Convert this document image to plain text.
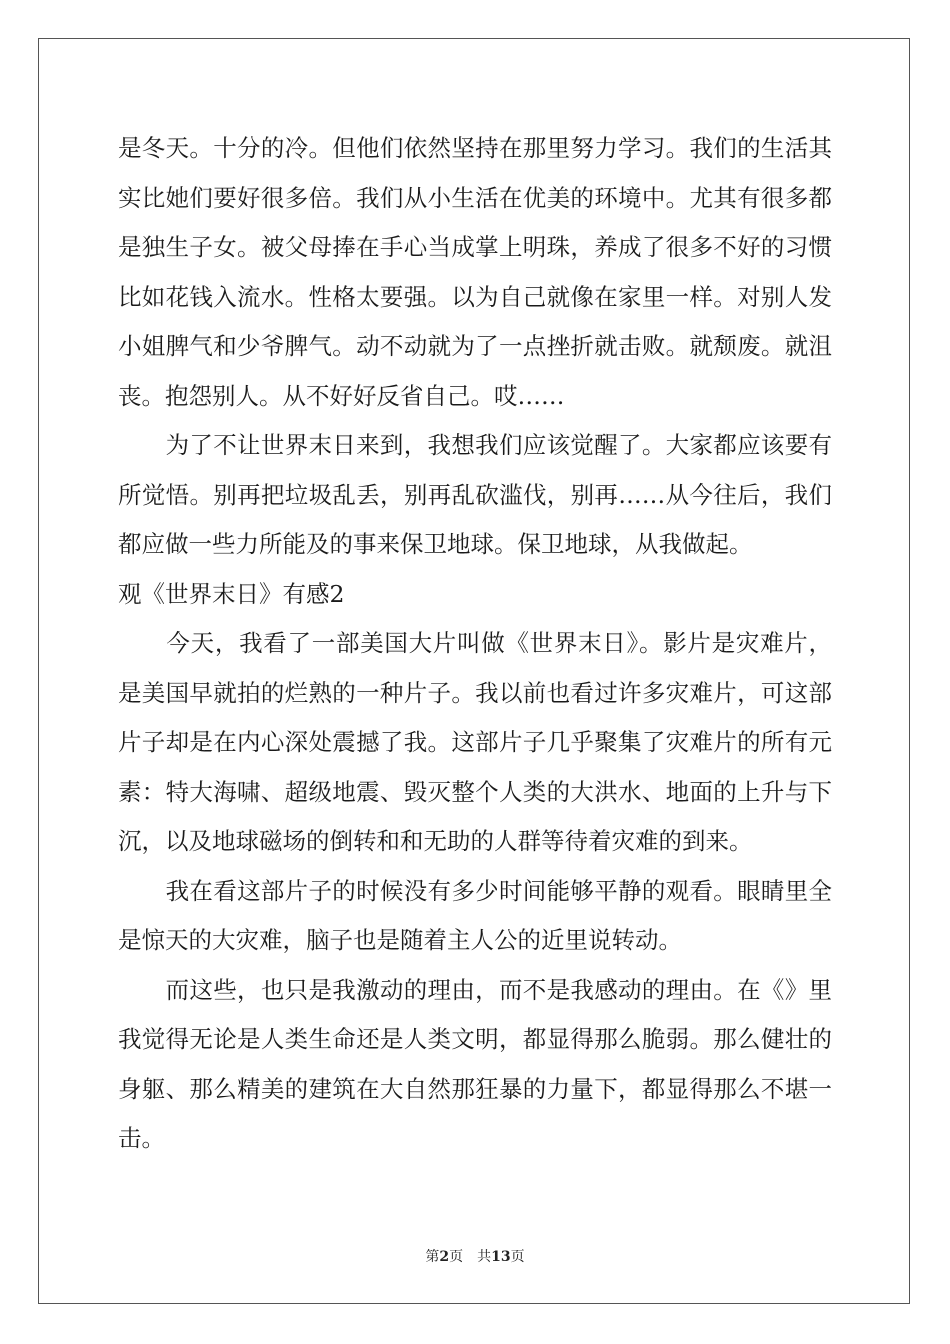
是冬天。十分的冷。但他们依然坚持在那里努力学习。我们的生活其
实比她们要好很多倍。我们从小生活在优美的环境中。尤其有很多都
是独生子女。被父母捧在手心当成掌上明珠，养成了很多不好的习惯
比如花钱入流水。性格太要强。以为自己就像在家里一样。对别人发
小姐脾气和少爷脾气。动不动就为了一点挫折就击败。就颓废。就沮
丧。抱怨别人。从不好好反省自己。哎……
　　为了不让世界末日来到，我想我们应该觉醒了。大家都应该要有
所觉悟。别再把垃圾乱丢，别再乱砍滥伐，别再……从今往后，我们
都应做一些力所能及的事来保卫地球。保卫地球，从我做起。
观《世界末日》有感2
　　今天，我看了一部美国大片叫做《世界末日》。影片是灾难片，
是美国早就拍的烂熟的一种片子。我以前也看过许多灾难片，可这部
片子却是在内心深处震撼了我。这部片子几乎聚集了灾难片的所有元
素：特大海啸、超级地震、毁灭整个人类的大洪水、地面的上升与下
沉，以及地球磁场的倒转和和无助的人群等待着灾难的到来。
　　我在看这部片子的时候没有多少时间能够平静的观看。眼睛里全
是惊天的大灾难，脑子也是随着主人公的近里说转动。
　　而这些，也只是我激动的理由，而不是我感动的理由。在《》里
我觉得无论是人类生命还是人类文明，都显得那么脆弱。那么健壮的
身躯、那么精美的建筑在大自然那狂暴的力量下，都显得那么不堪一
击。
第2页 共13页
